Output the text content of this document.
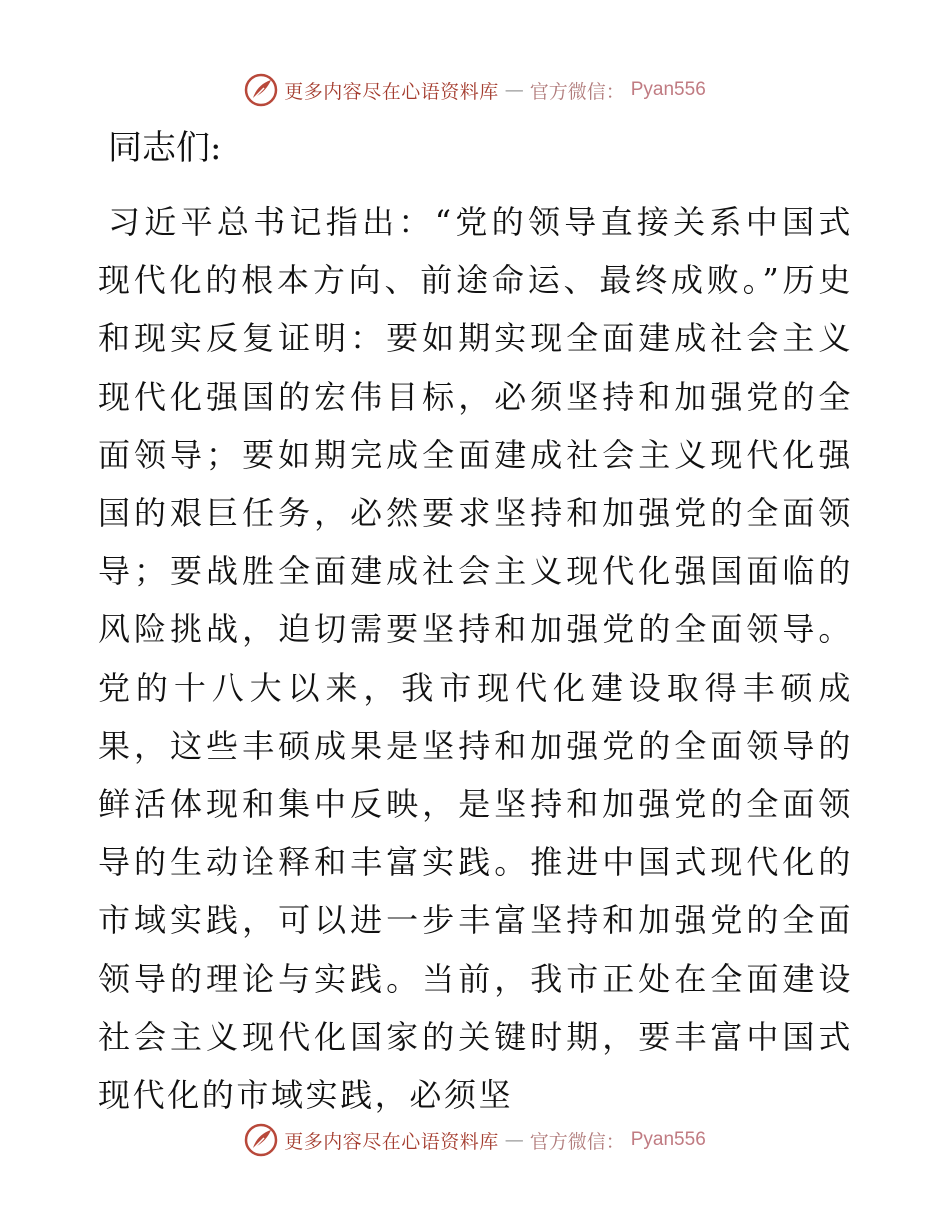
更多内容尽在心语资料库 — 官方微信： Pyan556

同志们:

习近平总书记指出：“党的领导直接关系中国式现代化的根本方向、前途命运、最终成败。”历史和现实反复证明：要如期实现全面建成社会主义现代化强国的宏伟目标，必须坚持和加强党的全面领导；要如期完成全面建成社会主义现代化强国的艰巨任务，必然要求坚持和加强党的全面领导；要战胜全面建成社会主义现代化强国面临的风险挑战，迫切需要坚持和加强党的全面领导。党的十八大以来，我市现代化建设取得丰硕成果，这些丰硕成果是坚持和加强党的全面领导的鲜活体现和集中反映，是坚持和加强党的全面领导的生动诠释和丰富实践。推进中国式现代化的市域实践，可以进一步丰富坚持和加强党的全面领导的理论与实践。当前，我市正处在全面建设社会主义现代化国家的关键时期，要丰富中国式现代化的市域实践，必须坚

更多内容尽在心语资料库 — 官方微信： Pyan556
